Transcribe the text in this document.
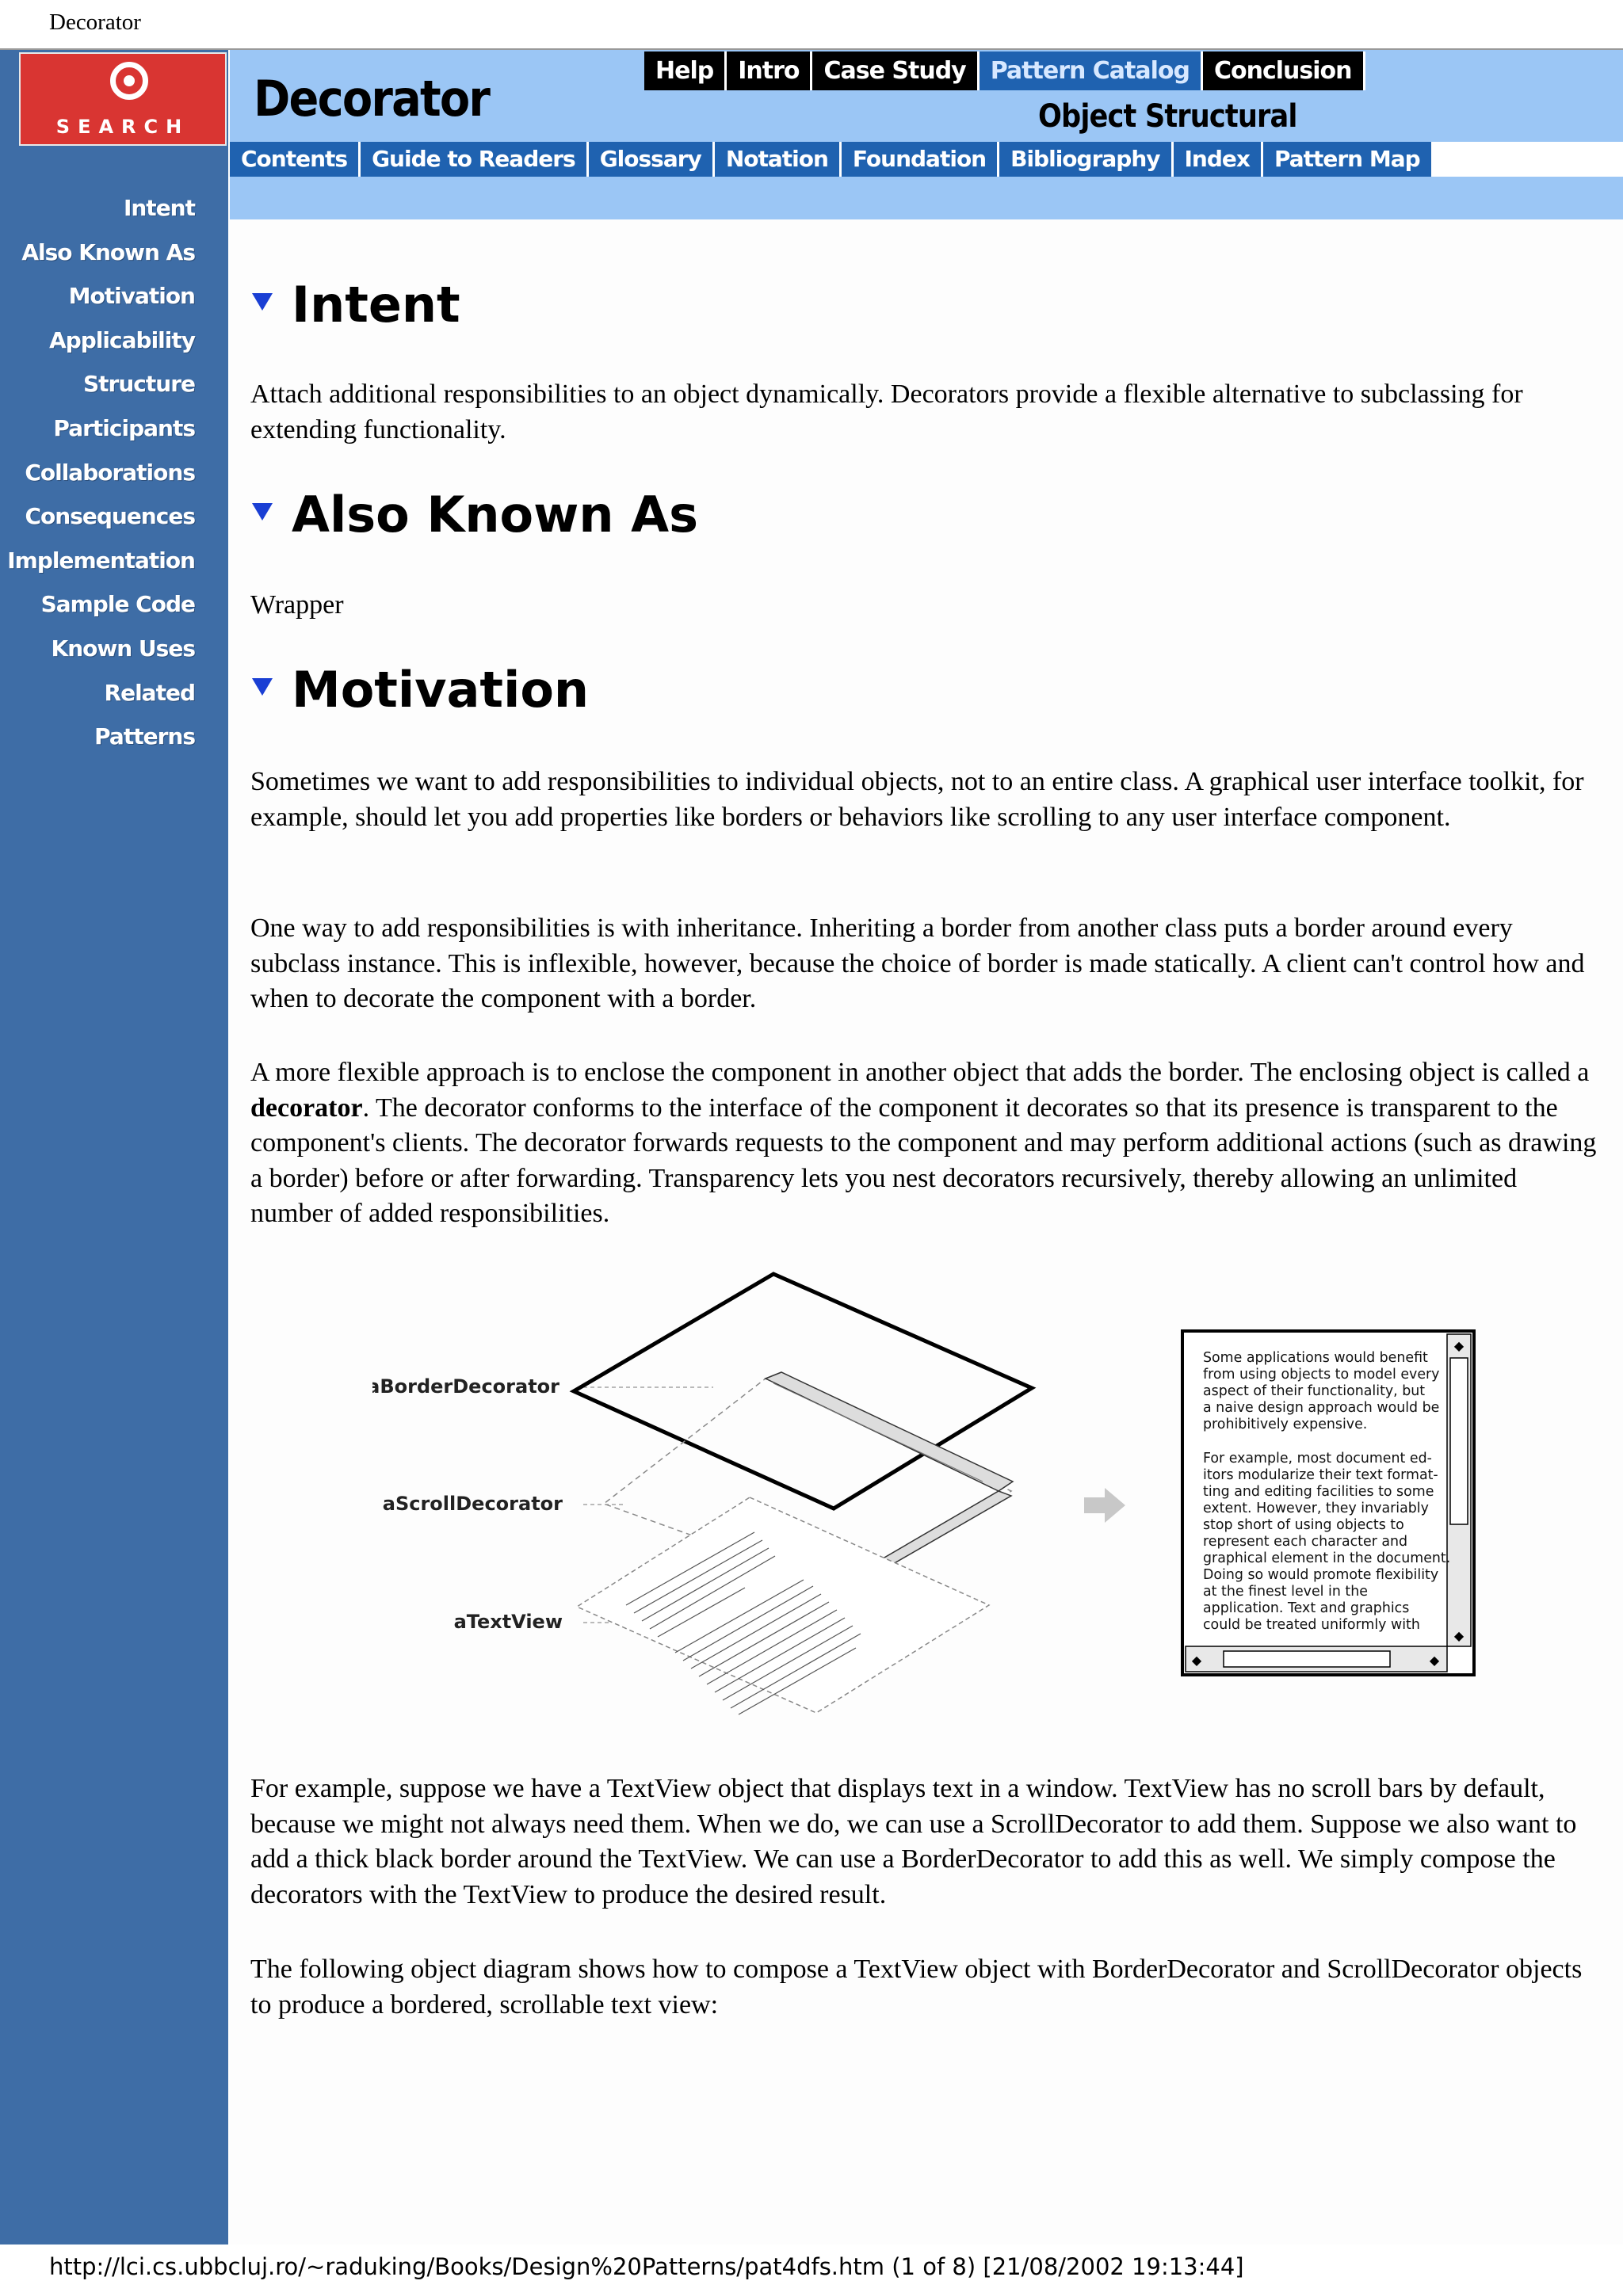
Decorator
SEARCH
Intent
Also Known As
Motivation
Applicability
Structure
Participants
Collaborations
Consequences
Implementation
Sample Code
Known Uses
Related Patterns
Decorator	Object Structural
Help	Intro	Case Study	Pattern Catalog	Conclusion
Contents	Guide to Readers	Glossary	Notation	Foundation	Bibliography	Index	Pattern Map
Intent

Attach additional responsibilities to an object dynamically. Decorators provide a flexible alternative to subclassing for extending functionality.

Also Known As

Wrapper

Motivation

Sometimes we want to add responsibilities to individual objects, not to an entire class. A graphical user interface toolkit, for example, should let you add properties like borders or behaviors like scrolling to any user interface component.

One way to add responsibilities is with inheritance. Inheriting a border from another class puts a border around every subclass instance. This is inflexible, however, because the choice of border is made statically. A client can't control how and when to decorate the component with a border.

A more flexible approach is to enclose the component in another object that adds the border. The enclosing object is called a decorator. The decorator conforms to the interface of the component it decorates so that its presence is transparent to the component's clients. The decorator forwards requests to the component and may perform additional actions (such as drawing a border) before or after forwarding. Transparency lets you nest decorators recursively, thereby allowing an unlimited number of added responsibilities.

aBorderDecorator
aScrollDecorator
aTextView
◆
◆
◆	◆
Some applications would benefit
from using objects to model every
aspect of their functionality, but
a naive design approach would be
prohibitively expensive.
For example, most document ed-
itors modularize their text format-
ting and editing facilities to some
extent. However, they invariably
stop short of using objects to
represent each character and
graphical element in the document.
Doing so would promote flexibility
at the finest level in the
application. Text and graphics
could be treated uniformly with

For example, suppose we have a TextView object that displays text in a window. TextView has no scroll bars by default, because we might not always need them. When we do, we can use a ScrollDecorator to add them. Suppose we also want to add a thick black border around the TextView. We can use a BorderDecorator to add this as well. We simply compose the decorators with the TextView to produce the desired result.

The following object diagram shows how to compose a TextView object with BorderDecorator and ScrollDecorator objects to produce a bordered, scrollable text view:

http://lci.cs.ubbcluj.ro/~raduking/Books/Design%20Patterns/pat4dfs.htm (1 of 8) [21/08/2002 19:13:44]
